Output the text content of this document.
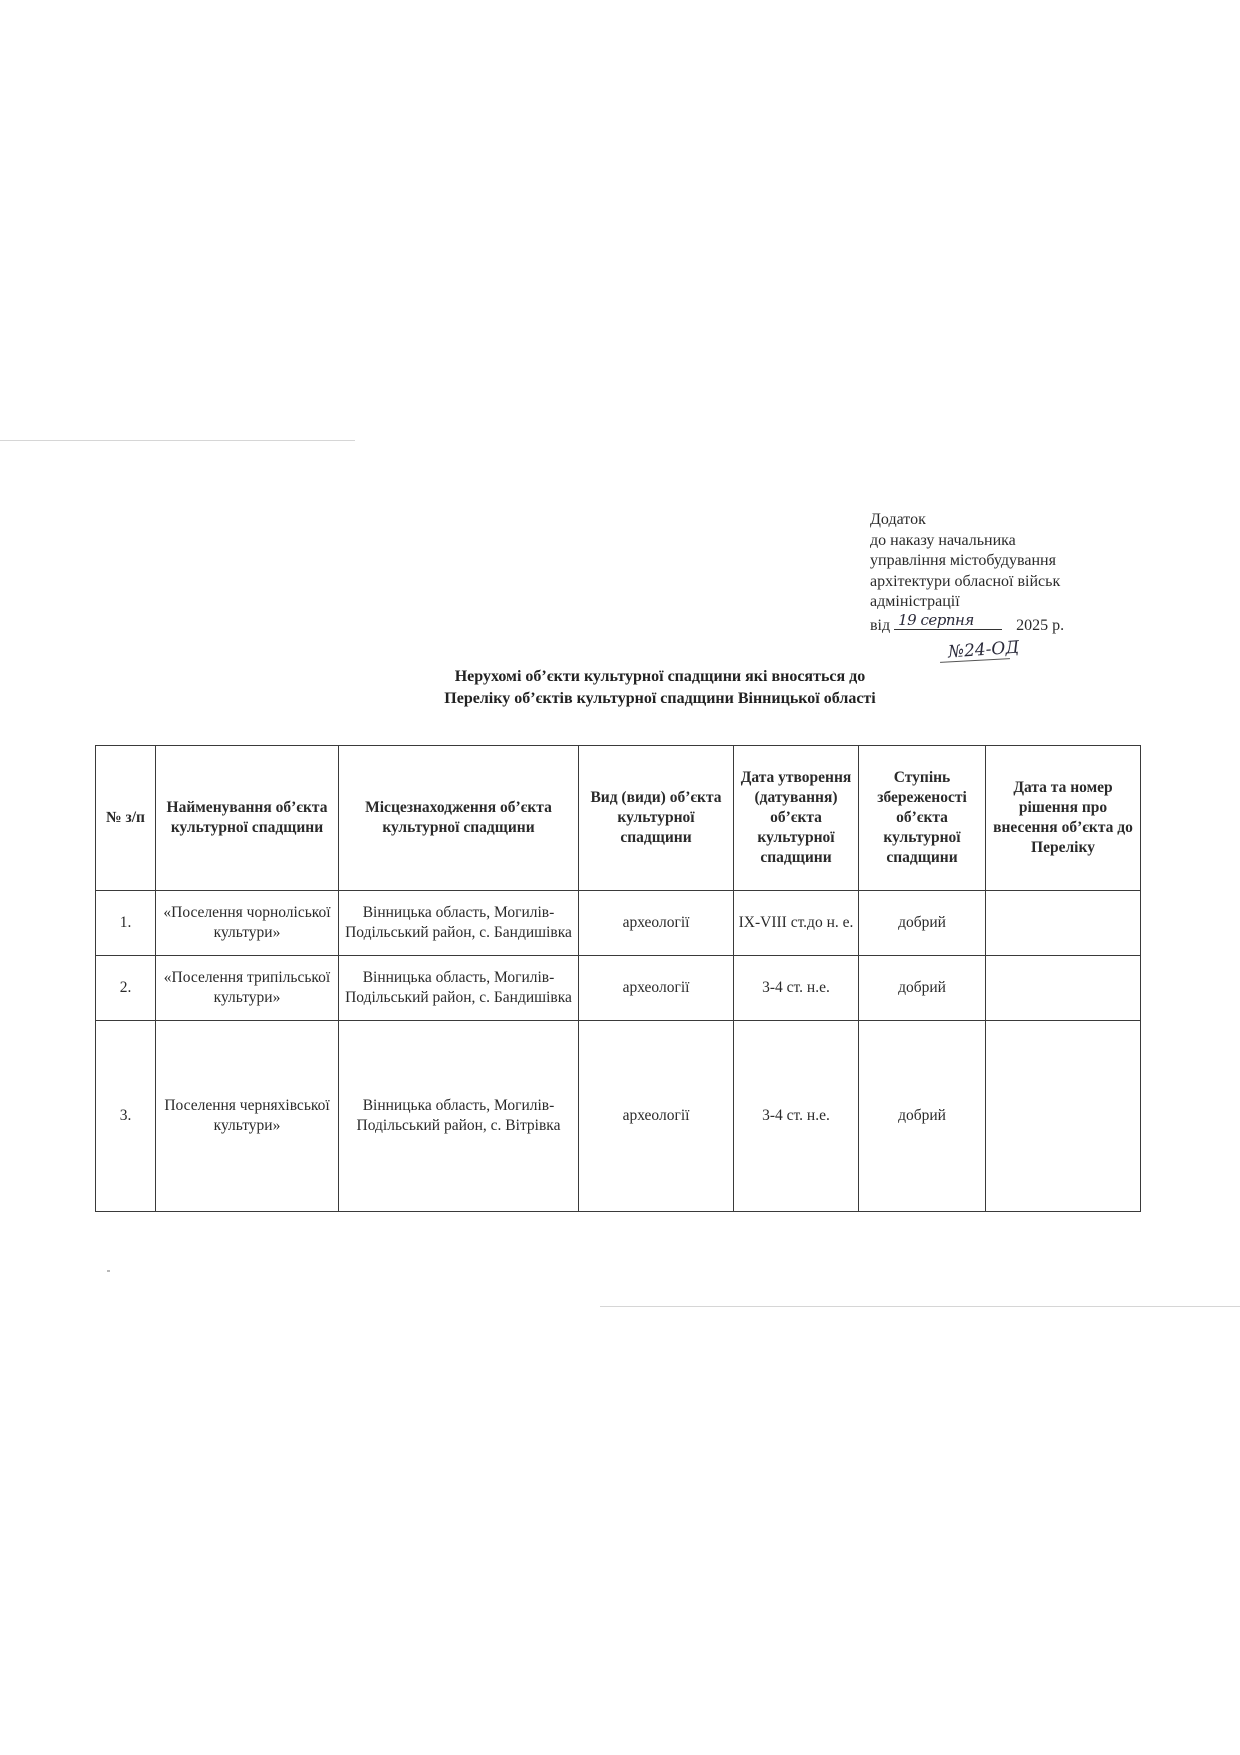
Додаток
до наказу начальника
управління містобудування
архітектури обласної військ
адміністрації
від 19 серпня	2025 р.
№24-ОД
Нерухомі об’єкти культурної спадщини які вносяться до
Переліку об’єктів культурної спадщини Вінницької області
№ з/п	Найменування об’єкта культурної спадщини	Місцезнаходження об’єкта культурної спадщини	Вид (види) об’єкта культурної спадщини	Дата утворення (датування) об’єкта культурної спадщини	Ступінь збереженості об’єкта культурної спадщини	Дата та номер рішення про внесення об’єкта до Переліку
1.	«Поселення чорноліської культури»	Вінницька область, Могилів-Подільський район, с. Бандишівка	археології	IX-VIII ст.до н. е.	добрий	
2.	«Поселення трипільської культури»	Вінницька область, Могилів-Подільський район, с. Бандишівка	археології	3-4 ст. н.е.	добрий	
3.	Поселення черняхівської культури»	Вінницька область, Могилів-Подільський район, с. Вітрівка	археології	3-4 ст. н.е.	добрий	
